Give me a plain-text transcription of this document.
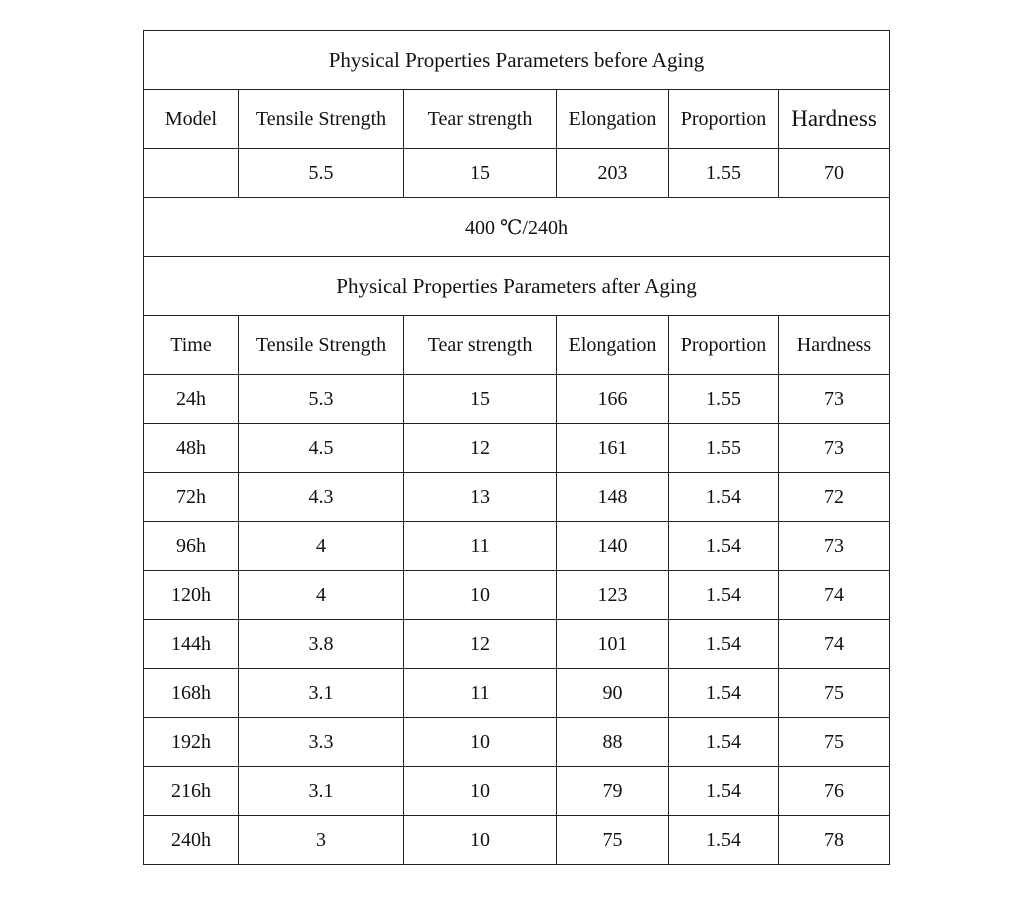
Physical Properties Parameters before Aging					
Model	Tensile Strength	Tear strength	Elongation	Proportion	Hardness
	5.5	15	203	1.55	70
400 ℃/240h					
Physical Properties Parameters after Aging					
Time	Tensile Strength	Tear strength	Elongation	Proportion	Hardness
24h	5.3	15	166	1.55	73
48h	4.5	12	161	1.55	73
72h	4.3	13	148	1.54	72
96h	4	11	140	1.54	73
120h	4	10	123	1.54	74
144h	3.8	12	101	1.54	74
168h	3.1	11	90	1.54	75
192h	3.3	10	88	1.54	75
216h	3.1	10	79	1.54	76
240h	3	10	75	1.54	78
